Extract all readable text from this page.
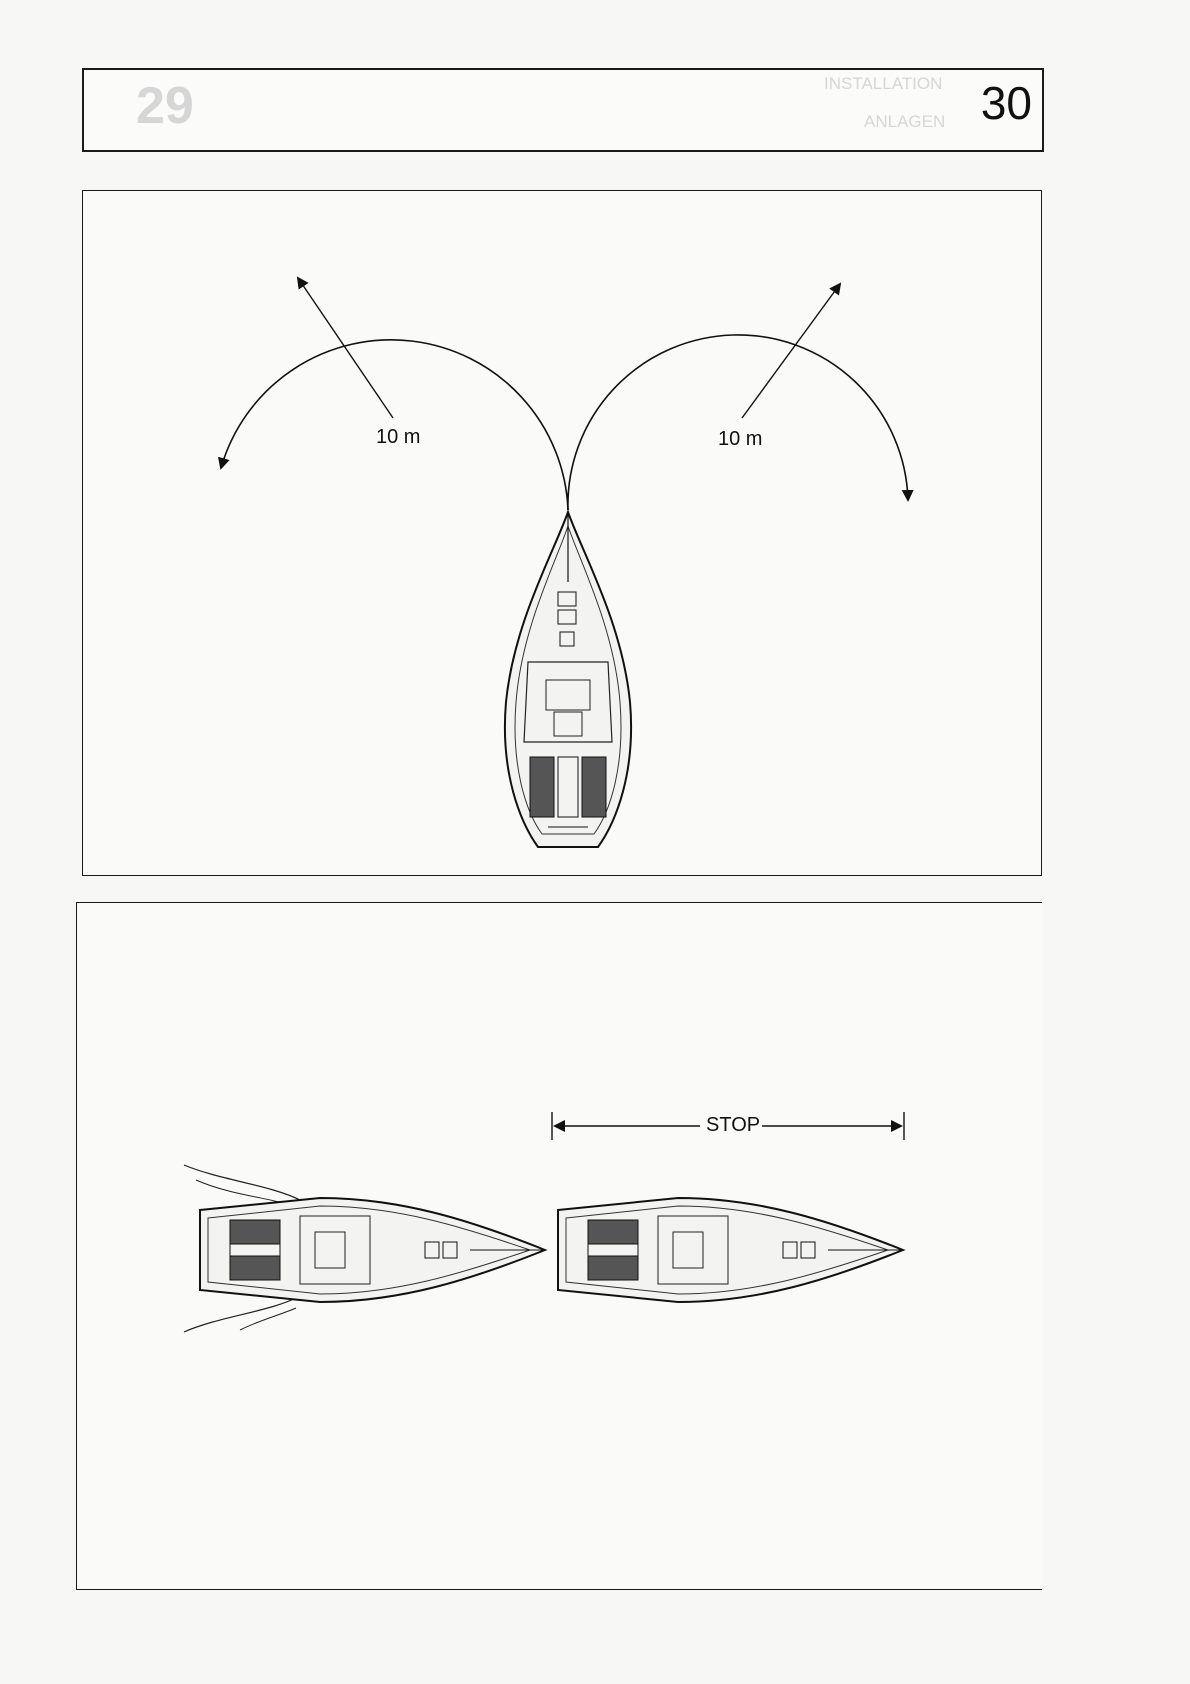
29	INSTALLATION
ANLAGEN 30
10 m	10 m
STOP
